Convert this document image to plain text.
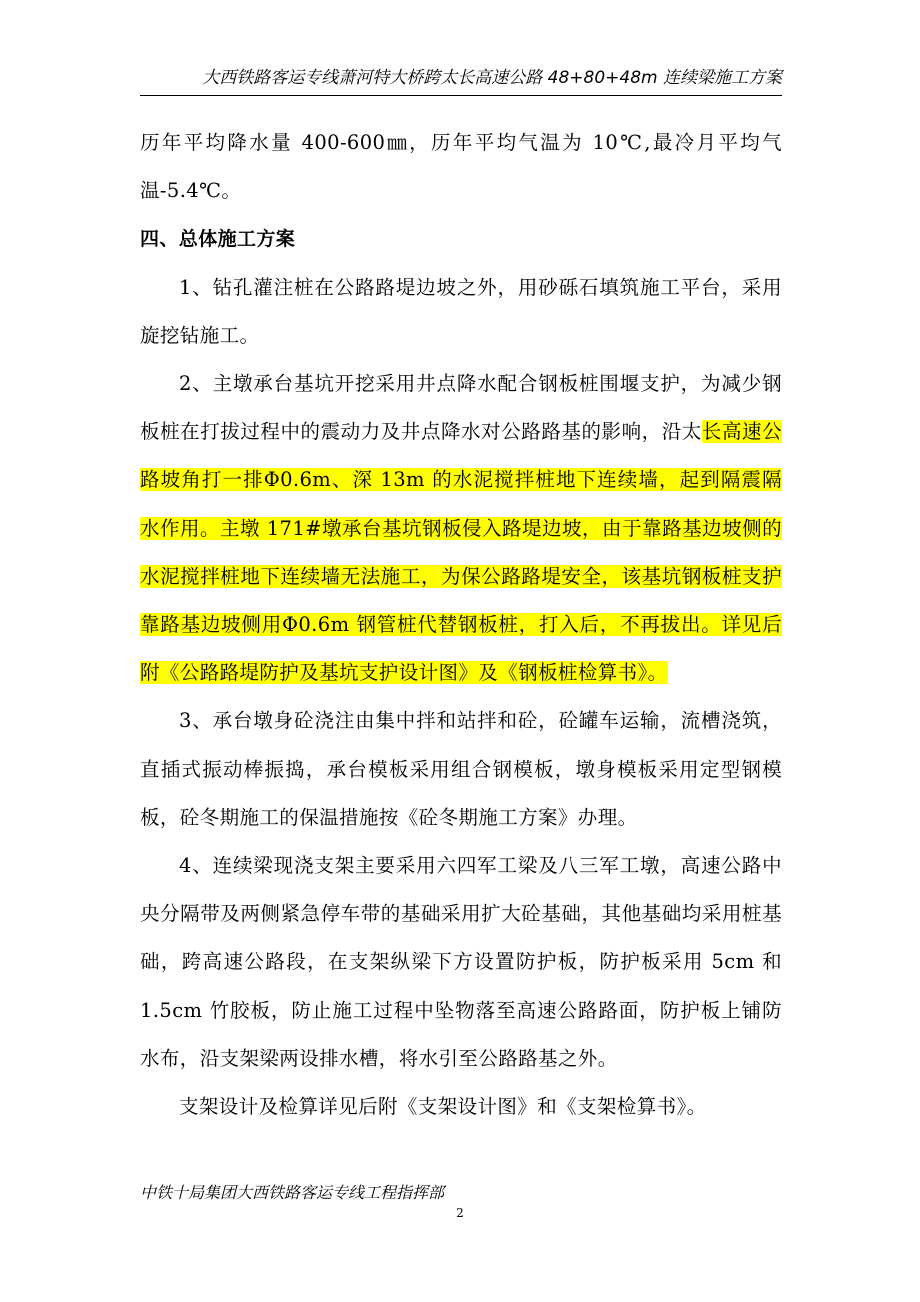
大西铁路客运专线萧河特大桥跨太长高速公路 48+80+48m 连续梁施工方案

历年平均降水量 400-600㎜，历年平均气温为 10℃,最冷月平均气温-5.4℃。

四、总体施工方案

1、钻孔灌注桩在公路路堤边坡之外，用砂砾石填筑施工平台，采用旋挖钻施工。

2、主墩承台基坑开挖采用井点降水配合钢板桩围堰支护，为减少钢板桩在打拔过程中的震动力及井点降水对公路路基的影响，沿太长高速公路坡角打一排Φ0.6m、深 13m 的水泥搅拌桩地下连续墙，起到隔震隔水作用。主墩 171#墩承台基坑钢板侵入路堤边坡，由于靠路基边坡侧的水泥搅拌桩地下连续墙无法施工，为保公路路堤安全，该基坑钢板桩支护靠路基边坡侧用Φ0.6m 钢管桩代替钢板桩，打入后，不再拔出。详见后附《公路路堤防护及基坑支护设计图》及《钢板桩检算书》。

3、承台墩身砼浇注由集中拌和站拌和砼，砼罐车运输，流槽浇筑，直插式振动棒振捣，承台模板采用组合钢模板，墩身模板采用定型钢模板，砼冬期施工的保温措施按《砼冬期施工方案》办理。

4、连续梁现浇支架主要采用六四军工梁及八三军工墩，高速公路中央分隔带及两侧紧急停车带的基础采用扩大砼基础，其他基础均采用桩基础，跨高速公路段，在支架纵梁下方设置防护板，防护板采用 5cm 和 1.5cm 竹胶板，防止施工过程中坠物落至高速公路路面，防护板上铺防水布，沿支架梁两设排水槽，将水引至公路路基之外。

支架设计及检算详见后附《支架设计图》和《支架检算书》。

中铁十局集团大西铁路客运专线工程指挥部
2
